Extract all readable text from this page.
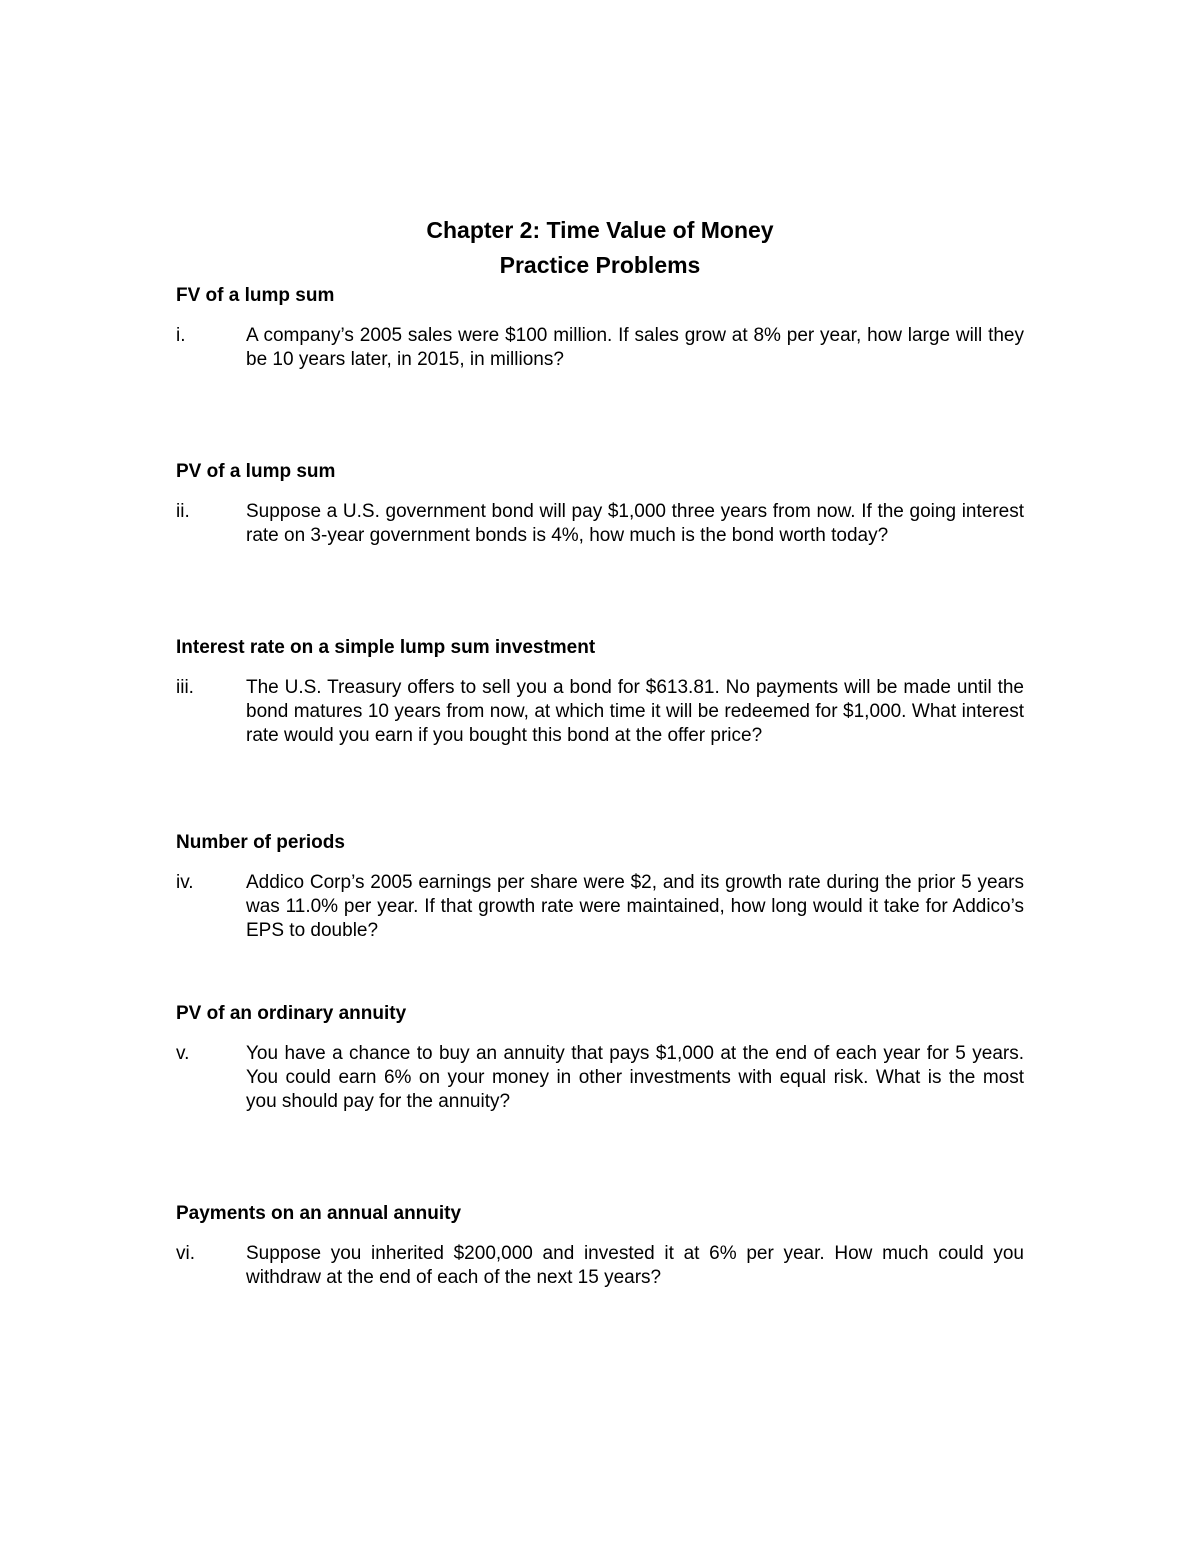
Chapter 2: Time Value of Money
Practice Problems
FV of a lump sum
i.	A company’s 2005 sales were $100 million. If sales grow at 8% per year, how large will they be 10 years later, in 2015, in millions?
PV of a lump sum
ii.	Suppose a U.S. government bond will pay $1,000 three years from now. If the going interest rate on 3-year government bonds is 4%, how much is the bond worth today?
Interest rate on a simple lump sum investment
iii.	The U.S. Treasury offers to sell you a bond for $613.81. No payments will be made until the bond matures 10 years from now, at which time it will be redeemed for $1,000. What interest rate would you earn if you bought this bond at the offer price?
Number of periods
iv.	Addico Corp’s 2005 earnings per share were $2, and its growth rate during the prior 5 years was 11.0% per year. If that growth rate were maintained, how long would it take for Addico’s EPS to double?
PV of an ordinary annuity
v.	You have a chance to buy an annuity that pays $1,000 at the end of each year for 5 years. You could earn 6% on your money in other investments with equal risk. What is the most you should pay for the annuity?
Payments on an annual annuity
vi.	Suppose you inherited $200,000 and invested it at 6% per year. How much could you withdraw at the end of each of the next 15 years?
